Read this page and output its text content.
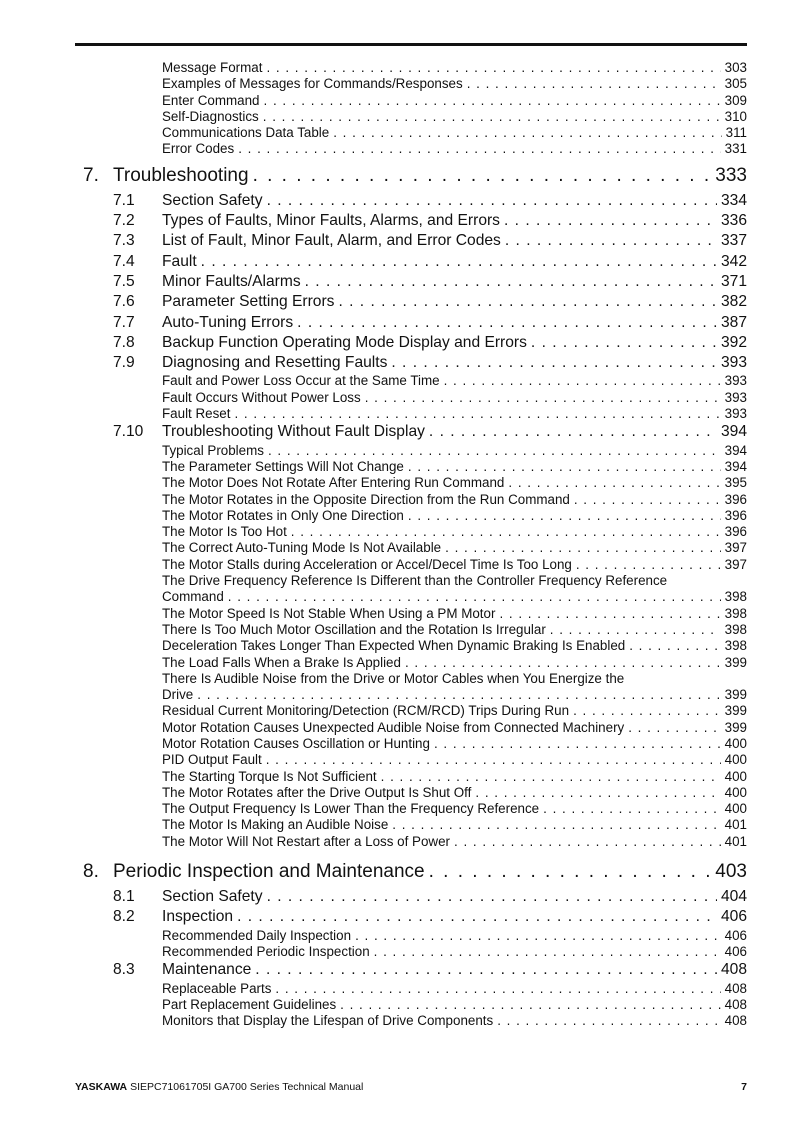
Message Format . . .	303
Examples of Messages for Commands/Responses . . .	305
Enter Command . . .	309
Self-Diagnostics . . .	310
Communications Data Table . . .	311
Error Codes . . .	331
7. Troubleshooting . . .	333
7.1	Section Safety . . .	334
7.2	Types of Faults, Minor Faults, Alarms, and Errors . . .	336
7.3	List of Fault, Minor Fault, Alarm, and Error Codes . . .	337
7.4	Fault . . .	342
7.5	Minor Faults/Alarms . . .	371
7.6	Parameter Setting Errors . . .	382
7.7	Auto-Tuning Errors . . .	387
7.8	Backup Function Operating Mode Display and Errors . . .	392
7.9	Diagnosing and Resetting Faults . . .	393
Fault and Power Loss Occur at the Same Time . . .	393
Fault Occurs Without Power Loss . . .	393
Fault Reset . . .	393
7.10	Troubleshooting Without Fault Display . . .	394
Typical Problems . . .	394
The Parameter Settings Will Not Change . . .	394
The Motor Does Not Rotate After Entering Run Command . . .	395
The Motor Rotates in the Opposite Direction from the Run Command . . .	396
The Motor Rotates in Only One Direction . . .	396
The Motor Is Too Hot . . .	396
The Correct Auto-Tuning Mode Is Not Available . . .	397
The Motor Stalls during Acceleration or Accel/Decel Time Is Too Long . . .	397
The Drive Frequency Reference Is Different than the Controller Frequency Reference
Command . . .	398
The Motor Speed Is Not Stable When Using a PM Motor . . .	398
There Is Too Much Motor Oscillation and the Rotation Is Irregular . . .	398
Deceleration Takes Longer Than Expected When Dynamic Braking Is Enabled . . .	398
The Load Falls When a Brake Is Applied . . .	399
There Is Audible Noise from the Drive or Motor Cables when You Energize the
Drive . . .	399
Residual Current Monitoring/Detection (RCM/RCD) Trips During Run . . .	399
Motor Rotation Causes Unexpected Audible Noise from Connected Machinery . . .	399
Motor Rotation Causes Oscillation or Hunting . . .	400
PID Output Fault . . .	400
The Starting Torque Is Not Sufficient . . .	400
The Motor Rotates after the Drive Output Is Shut Off . . .	400
The Output Frequency Is Lower Than the Frequency Reference . . .	400
The Motor Is Making an Audible Noise . . .	401
The Motor Will Not Restart after a Loss of Power . . .	401
8. Periodic Inspection and Maintenance . . .	403
8.1	Section Safety . . .	404
8.2	Inspection . . .	406
Recommended Daily Inspection . . .	406
Recommended Periodic Inspection . . .	406
8.3	Maintenance . . .	408
Replaceable Parts . . .	408
Part Replacement Guidelines . . .	408
Monitors that Display the Lifespan of Drive Components . . .	408
YASKAWA SIEPC71061705I GA700 Series Technical Manual	7
